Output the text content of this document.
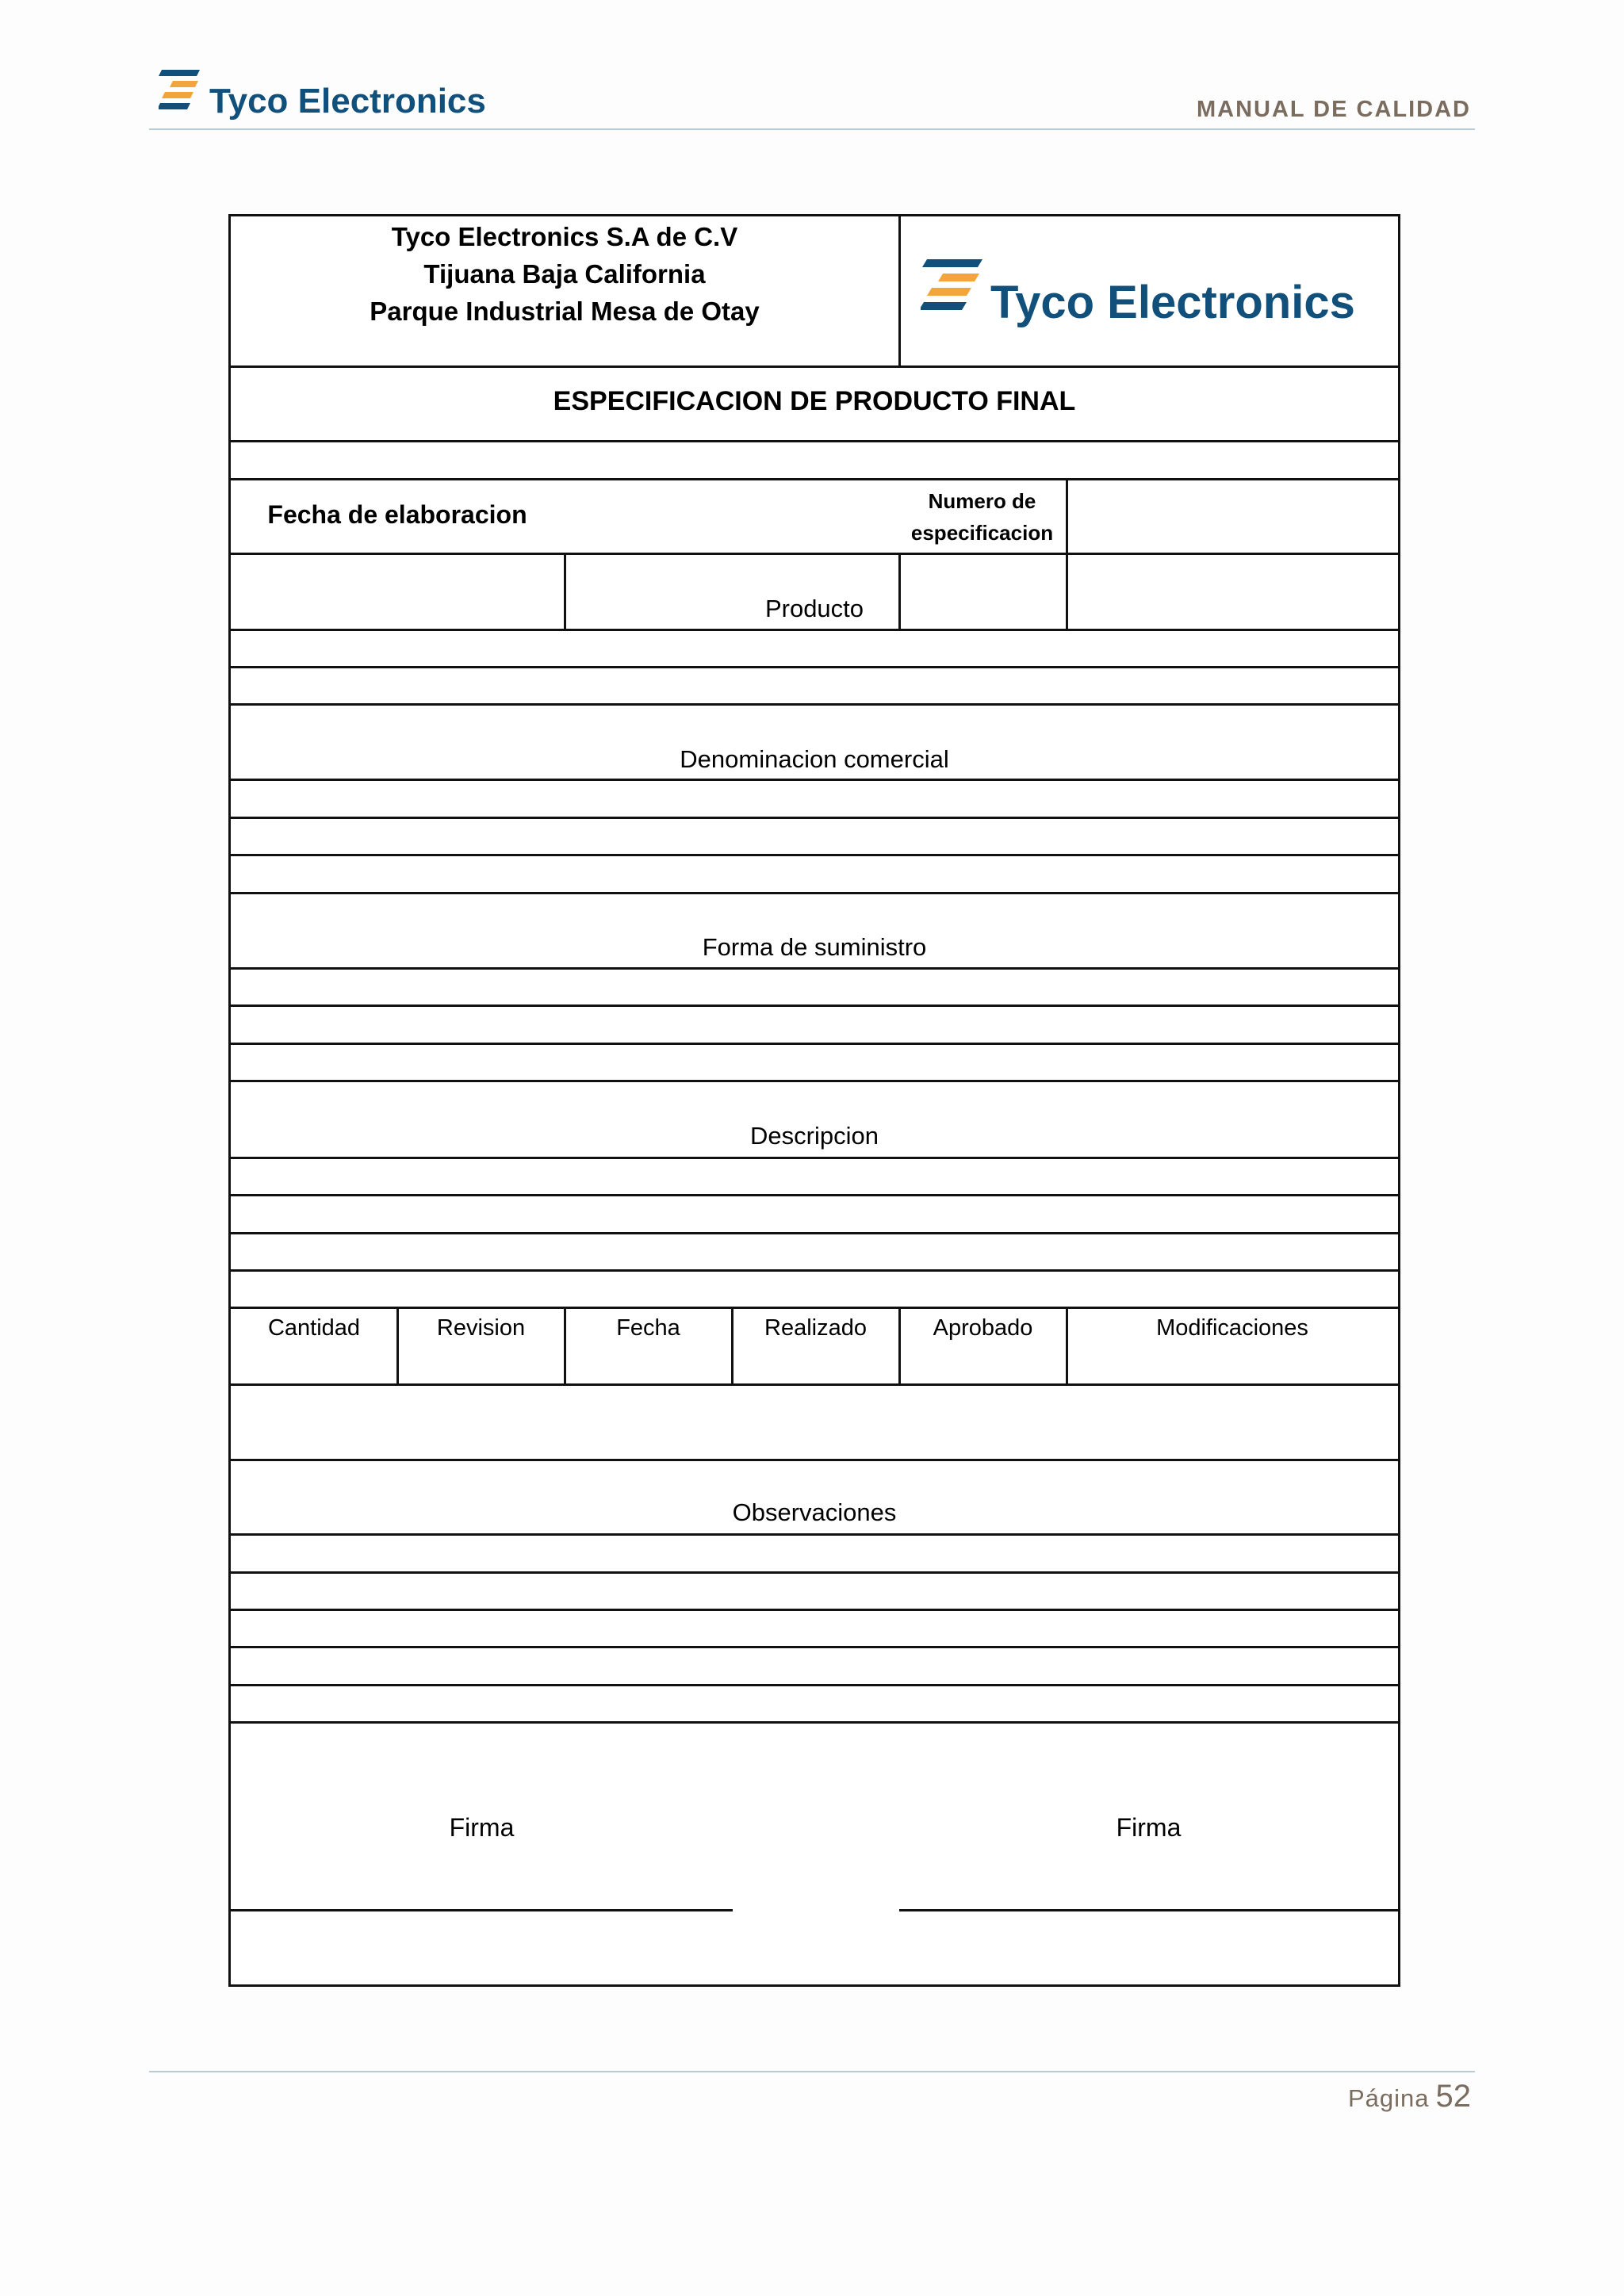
Tyco Electronics	MANUAL DE CALIDAD
Tyco Electronics S.A de C.V
Tijuana Baja California
Parque Industrial Mesa de Otay	Tyco Electronics
ESPECIFICACION DE PRODUCTO FINAL
Fecha de elaboracion	Numero de
especificacion
Producto
Denominacion comercial
Forma de suministro
Descripcion
Cantidad	Revision	Fecha	Realizado	Aprobado	Modificaciones
Observaciones
Firma	Firma
Página 52
